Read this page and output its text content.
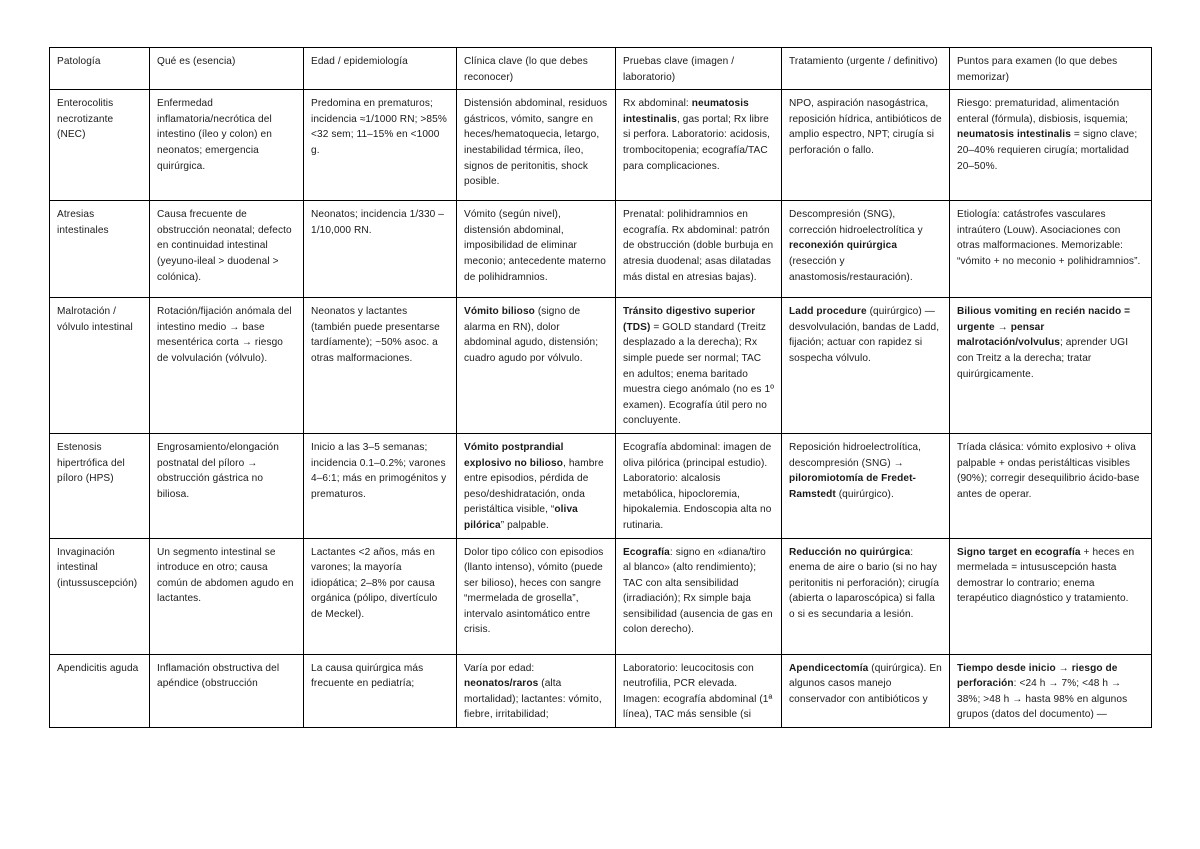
Patología	Qué es (esencia)	Edad / epidemiología	Clínica clave (lo que debes reconocer)	Pruebas clave (imagen / laboratorio)	Tratamiento (urgente / definitivo)	Puntos para examen (lo que debes memorizar)
Enterocolitis necrotizante (NEC)	Enfermedad inflamatoria/necrótica del intestino (íleo y colon) en neonatos; emergencia quirúrgica.	Predomina en prematuros; incidencia ≈1/1000 RN; >85% <32 sem; 11–15% en <1000 g.	Distensión abdominal, residuos gástricos, vómito, sangre en heces/hematoquecia, letargo, inestabilidad térmica, íleo, signos de peritonitis, shock posible.	Rx abdominal: neumatosis intestinalis, gas portal; Rx libre si perfora. Laboratorio: acidosis, trombocitopenia; ecografía/TAC para complicaciones.	NPO, aspiración nasogástrica, reposición hídrica, antibióticos de amplio espectro, NPT; cirugía si perforación o fallo.	Riesgo: prematuridad, alimentación enteral (fórmula), disbiosis, isquemia; neumatosis intestinalis = signo clave; 20–40% requieren cirugía; mortalidad 20–50%.
Atresias intestinales	Causa frecuente de obstrucción neonatal; defecto en continuidad intestinal (yeyuno-ileal > duodenal > colónica).	Neonatos; incidencia 1/330 – 1/10,000 RN.	Vómito (según nivel), distensión abdominal, imposibilidad de eliminar meconio; antecedente materno de polihidramnios.	Prenatal: polihidramnios en ecografía. Rx abdominal: patrón de obstrucción (doble burbuja en atresia duodenal; asas dilatadas más distal en atresias bajas).	Descompresión (SNG), corrección hidroelectrolítica y reconexión quirúrgica (resección y anastomosis/restauración).	Etiología: catástrofes vasculares intraútero (Louw). Asociaciones con otras malformaciones. Memorizable: “vómito + no meconio + polihidramnios”.
Malrotación / vólvulo intestinal	Rotación/fijación anómala del intestino medio → base mesentérica corta → riesgo de volvulación (vólvulo).	Neonatos y lactantes (también puede presentarse tardíamente); ~50% asoc. a otras malformaciones.	Vómito bilioso (signo de alarma en RN), dolor abdominal agudo, distensión; cuadro agudo por vólvulo.	Tránsito digestivo superior (TDS) = GOLD standard (Treitz desplazado a la derecha); Rx simple puede ser normal; TAC en adultos; enema baritado muestra ciego anómalo (no es 1º examen). Ecografía útil pero no concluyente.	Ladd procedure (quirúrgico) — desvolvulación, bandas de Ladd, fijación; actuar con rapidez si sospecha vólvulo.	Bilious vomiting en recién nacido = urgente → pensar malrotación/volvulus; aprender UGI con Treitz a la derecha; tratar quirúrgicamente.
Estenosis hipertrófica del píloro (HPS)	Engrosamiento/elongación postnatal del píloro → obstrucción gástrica no biliosa.	Inicio a las 3–5 semanas; incidencia 0.1–0.2%; varones 4–6:1; más en primogénitos y prematuros.	Vómito postprandial explosivo no bilioso, hambre entre episodios, pérdida de peso/deshidratación, onda peristáltica visible, “oliva pilórica” palpable.	Ecografía abdominal: imagen de oliva pilórica (principal estudio). Laboratorio: alcalosis metabólica, hipocloremia, hipokalemia. Endoscopia alta no rutinaria.	Reposición hidroelectrolítica, descompresión (SNG) → piloromiotomía de Fredet-Ramstedt (quirúrgico).	Tríada clásica: vómito explosivo + oliva palpable + ondas peristálticas visibles (90%); corregir desequilibrio ácido-base antes de operar.
Invaginación intestinal (intussuscepción)	Un segmento intestinal se introduce en otro; causa común de abdomen agudo en lactantes.	Lactantes <2 años, más en varones; la mayoría idiopática; 2–8% por causa orgánica (pólipo, divertículo de Meckel).	Dolor tipo cólico con episodios (llanto intenso), vómito (puede ser bilioso), heces con sangre “mermelada de grosella”, intervalo asintomático entre crisis.	Ecografía: signo en «diana/tiro al blanco» (alto rendimiento); TAC con alta sensibilidad (irradiación); Rx simple baja sensibilidad (ausencia de gas en colon derecho).	Reducción no quirúrgica: enema de aire o bario (si no hay peritonitis ni perforación); cirugía (abierta o laparoscópica) si falla o si es secundaria a lesión.	Signo target en ecografía + heces en mermelada = intususcepción hasta demostrar lo contrario; enema terapéutico diagnóstico y tratamiento.
Apendicitis aguda	Inflamación obstructiva del apéndice (obstrucción	La causa quirúrgica más frecuente en pediatría;	Varía por edad: neonatos/raros (alta mortalidad); lactantes: vómito, fiebre, irritabilidad;	Laboratorio: leucocitosis con neutrofilia, PCR elevada. Imagen: ecografía abdominal (1ª línea), TAC más sensible (si	Apendicectomía (quirúrgica). En algunos casos manejo conservador con antibióticos y	Tiempo desde inicio → riesgo de perforación: <24 h → 7%; <48 h → 38%; >48 h → hasta 98% en algunos grupos (datos del documento) —
